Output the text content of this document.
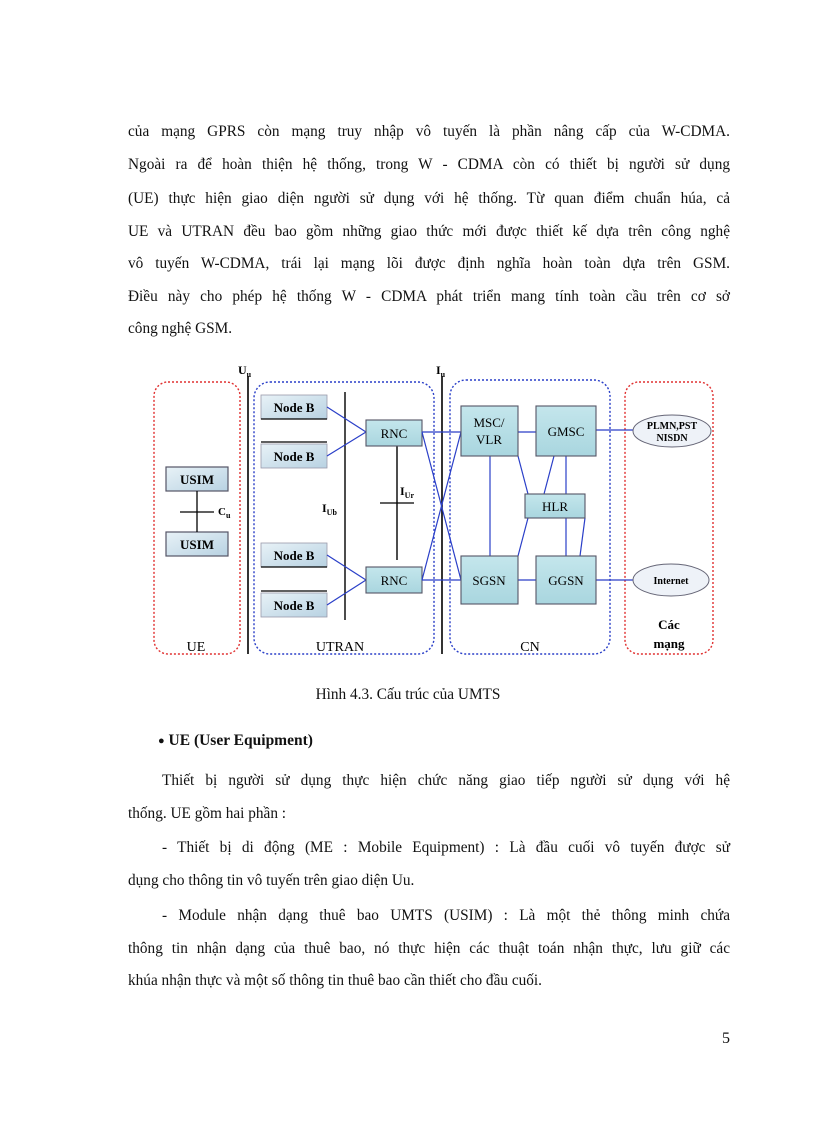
của mạng GPRS còn mạng truy nhập vô tuyến là phần nâng cấp của W-CDMA.
Ngoài ra để hoàn thiện hệ thống, trong W - CDMA còn có thiết bị người sử dụng
(UE) thực hiện giao diện người sử dụng với hệ thống. Từ quan điểm chuẩn húa, cả
UE và UTRAN đều bao gồm những giao thức mới được thiết kế dựa trên công nghệ
vô tuyến W-CDMA, trái lại mạng lõi được định nghĩa hoàn toàn dựa trên GSM.
Điều này cho phép hệ thống W - CDMA phát triển mang tính toàn cầu trên cơ sở
công nghệ GSM.
$U_u$	$I_u$
$I_{Ub}$
$I_{Ur}$
USIM
USIM
$C_u$
Node B
Node B
Node B
Node B
RNC
RNC
MSC/
VLR
GMSC
HLR
SGSN	GGSN
PLMN,PST
NISDN
Internet
UE	UTRAN	CN
Các
mạng
Hình 4.3. Cấu trúc của UMTS
● UE (User Equipment)
Thiết bị người sử dụng thực hiện chức năng giao tiếp người sử dụng với hệ
thống. UE gồm hai phần :
- Thiết bị di động (ME : Mobile Equipment) : Là đầu cuối vô tuyến được sử
dụng cho thông tin vô tuyến trên giao diện Uu.
- Module nhận dạng thuê bao UMTS (USIM) : Là một thẻ thông minh chứa
thông tin nhận dạng của thuê bao, nó thực hiện các thuật toán nhận thực, lưu giữ các
khúa nhận thực và một số thông tin thuê bao cần thiết cho đầu cuối.
5
